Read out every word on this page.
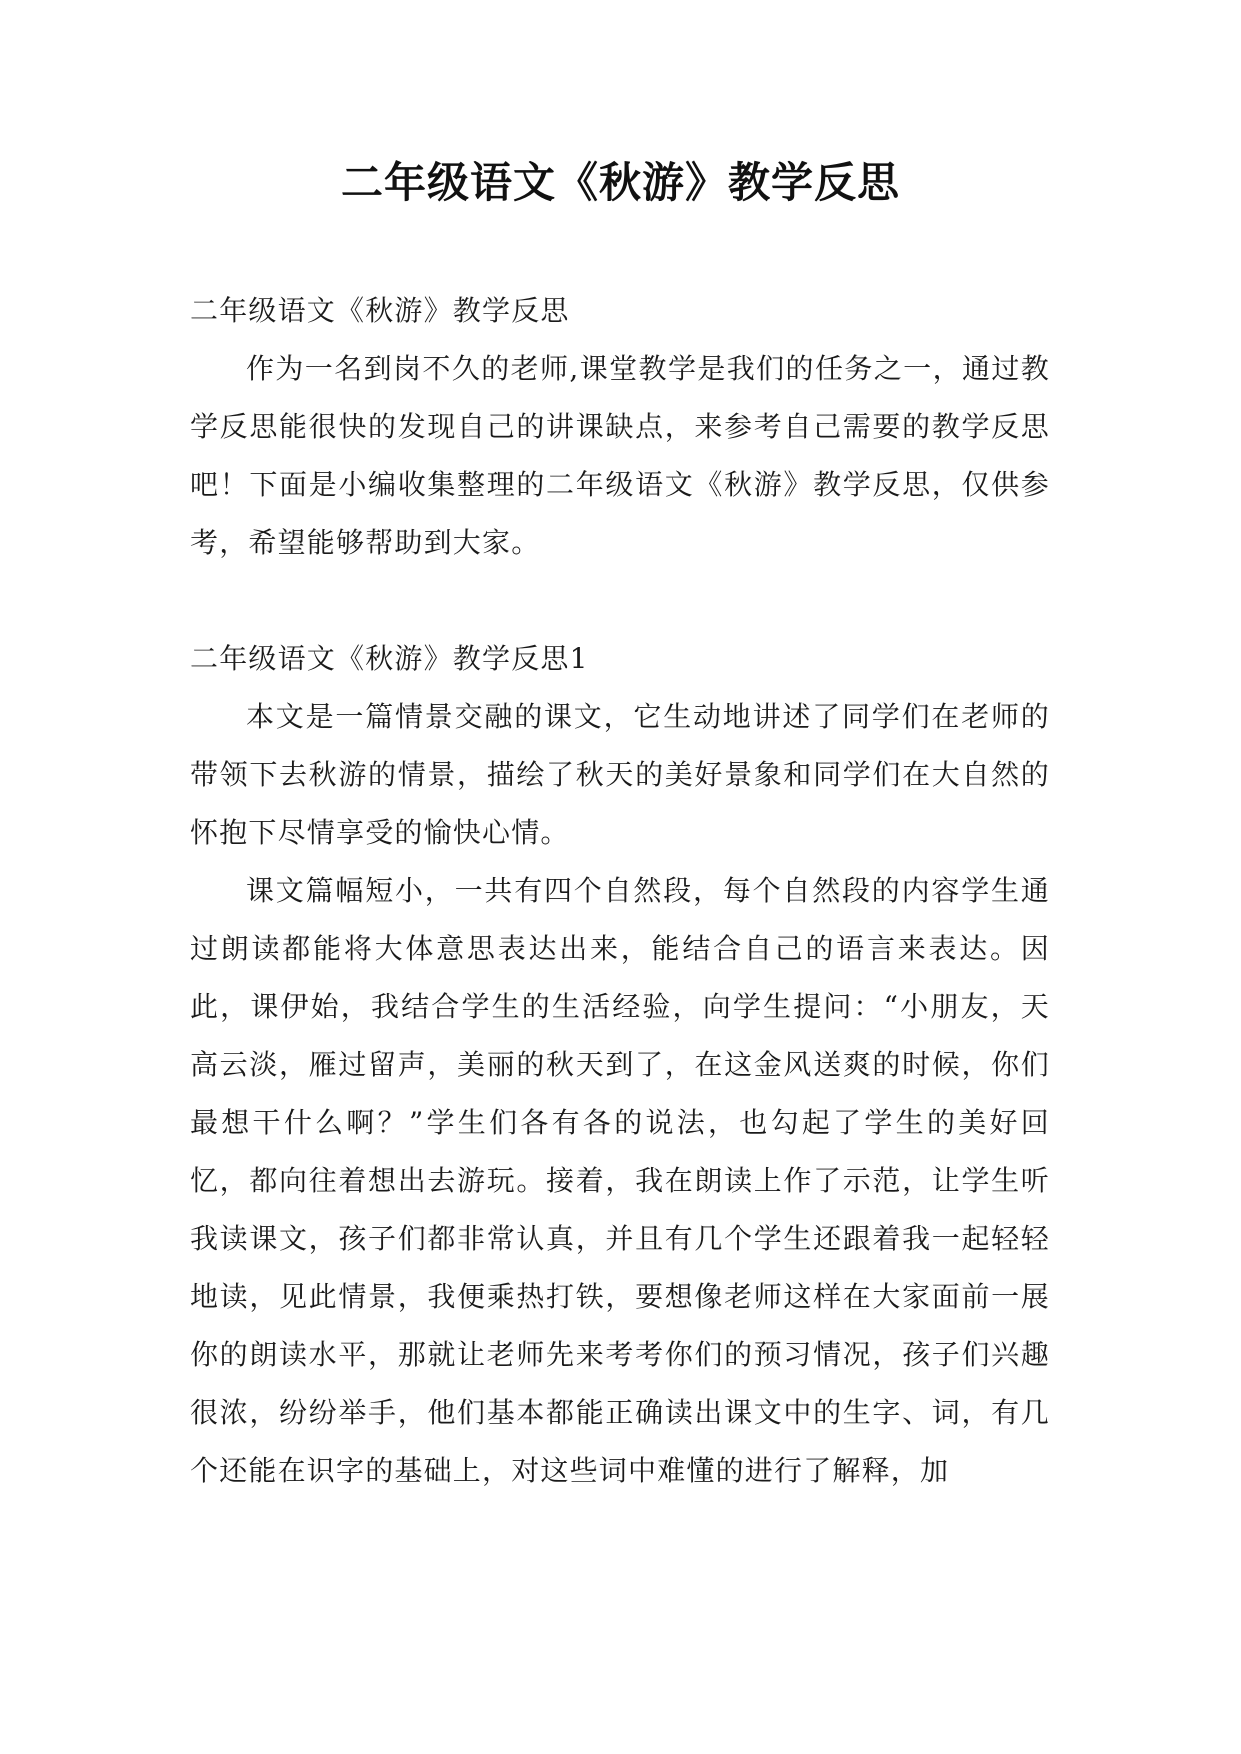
二年级语文《秋游》教学反思

二年级语文《秋游》教学反思

作为一名到岗不久的老师,课堂教学是我们的任务之一，通过教学反思能很快的发现自己的讲课缺点，来参考自己需要的教学反思吧！下面是小编收集整理的二年级语文《秋游》教学反思，仅供参考，希望能够帮助到大家。

二年级语文《秋游》教学反思1

本文是一篇情景交融的课文，它生动地讲述了同学们在老师的带领下去秋游的情景，描绘了秋天的美好景象和同学们在大自然的怀抱下尽情享受的愉快心情。

课文篇幅短小，一共有四个自然段，每个自然段的内容学生通过朗读都能将大体意思表达出来，能结合自己的语言来表达。因此，课伊始，我结合学生的生活经验，向学生提问：“小朋友，天高云淡，雁过留声，美丽的秋天到了，在这金风送爽的时候，你们最想干什么啊？”学生们各有各的说法，也勾起了学生的美好回忆，都向往着想出去游玩。接着，我在朗读上作了示范，让学生听我读课文，孩子们都非常认真，并且有几个学生还跟着我一起轻轻地读，见此情景，我便乘热打铁，要想像老师这样在大家面前一展你的朗读水平，那就让老师先来考考你们的预习情况，孩子们兴趣很浓，纷纷举手，他们基本都能正确读出课文中的生字、词，有几个还能在识字的基础上，对这些词中难懂的进行了解释，加
